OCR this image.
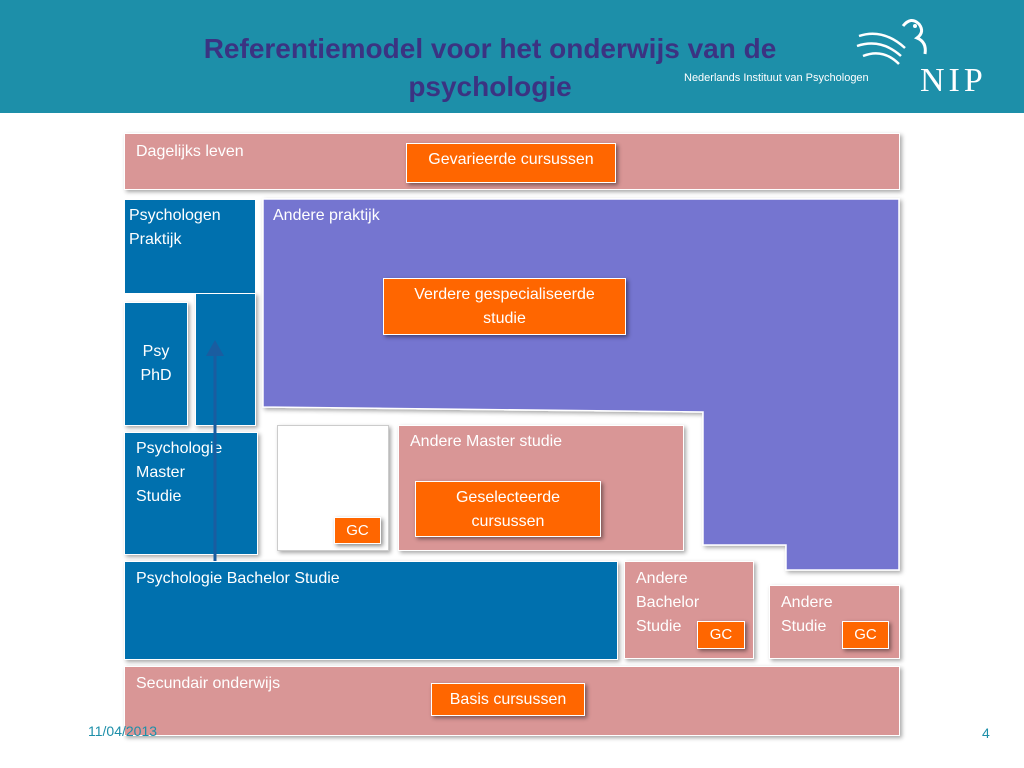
Referentiemodel voor het onderwijs van de
psychologie	Nederlands Instituut van Psychologen NIP
Dagelijks leven	Gevarieerde cursussen
Andere praktijk
Verdere gespecialiseerde
studie
Psychologen
Praktijk
Psy
PhD
Psychologie
Master
Studie
GC
Andere Master studie
Geselecteerde
cursussen
Psychologie Bachelor Studie	Andere
Bachelor
Studie	GC
Andere
Studie	GC
Secundair onderwijs
Basis cursussen
11/04/2013	4
